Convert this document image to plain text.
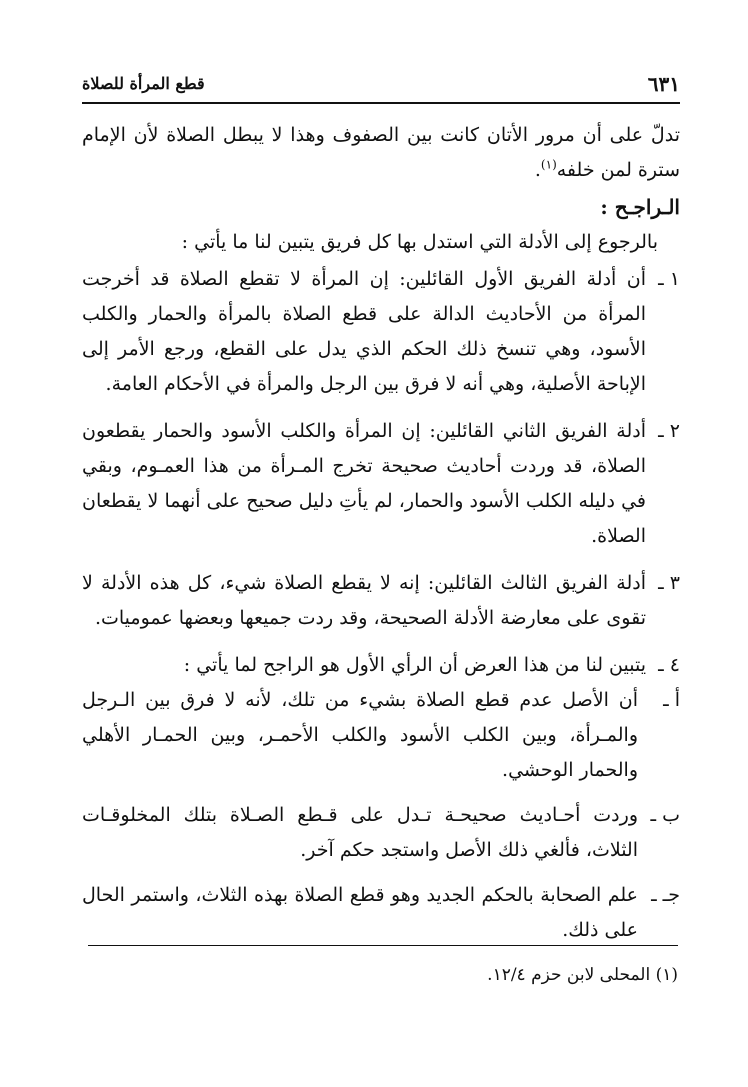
٦٣١
قطع المرأة للصلاة

تدلّ على أن مرور الأتان كانت بين الصفوف وهذا لا يبطل الصلاة لأن الإمام سترة لمن خلفه$^{(١)}$.

الـراجـح :

بالرجوع إلى الأدلة التي استدل بها كل فريق يتبين لنا ما يأتي :

١ ـ
أن أدلة الفريق الأول القائلين: إن المرأة لا تقطع الصلاة قد أخرجت المرأة من الأحاديث الدالة على قطع الصلاة بالمرأة والحمار والكلب الأسود، وهي تنسخ ذلك الحكم الذي يدل على القطع، ورجع الأمر إلى الإباحة الأصلية، وهي أنه لا فرق بين الرجل والمرأة في الأحكام العامة.
٢ ـ
أدلة الفريق الثاني القائلين: إن المرأة والكلب الأسود والحمار يقطعون الصلاة، قد وردت أحاديث صحيحة تخرج المـرأة من هذا العمـوم، وبقي في دليله الكلب الأسود والحمار، لم يأتِ دليل صحيح على أنهما لا يقطعان الصلاة.
٣ ـ
أدلة الفريق الثالث القائلين: إنه لا يقطع الصلاة شيء، كل هذه الأدلة لا تقوى على معارضة الأدلة الصحيحة، وقد ردت جميعها وبعضها عموميات.
٤ ـ
يتبين لنا من هذا العرض أن الرأي الأول هو الراجح لما يأتي :
أ ـ
أن الأصل عدم قطع الصلاة بشيء من تلك، لأنه لا فرق بين الـرجل والمـرأة، وبين الكلب الأسود والكلب الأحمـر، وبين الحمـار الأهلي والحمار الوحشي.
ب ـ
وردت أحـاديث صحيحـة تـدل على قـطع الصـلاة بتلك المخلوقـات الثلاث، فألغي ذلك الأصل واستجد حكم آخر.
جـ ـ
علم الصحابة بالحكم الجديد وهو قطع الصلاة بهذه الثلاث، واستمر الحال على ذلك.
(١) المحلى لابن حزم ١٢/٤.
